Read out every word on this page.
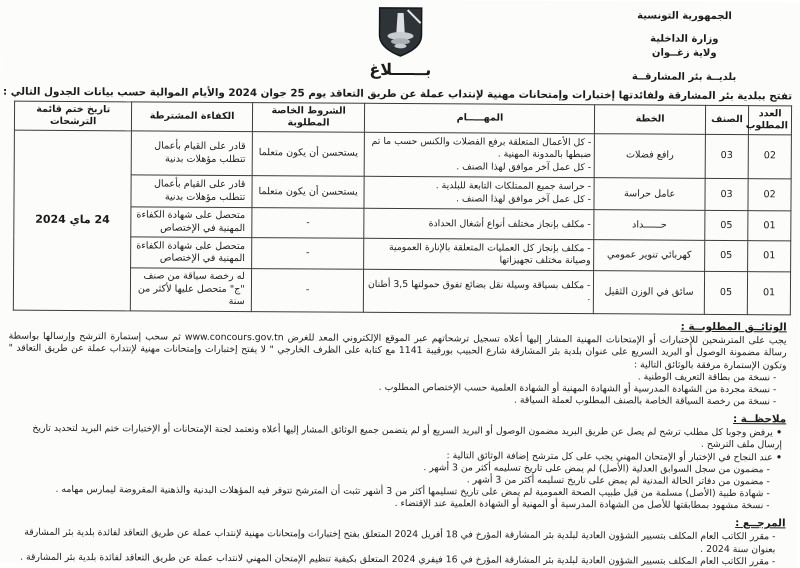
الجمهورية التونسية
وزارة الداخلية
ولاية زغــوان
بلديــة بئر المشارقــة
بــــــلاغ
تفتح ببلدية بئر المشارقة ولفائدتها إختبارات وإمتحانات مهنية لإنتداب عملة عن طريق التعاقد يوم 25 جوان 2024 والأيام الموالية حسب بيانات الجدول التالي :
العدد المطلوب	الصنف	الخطة	المهـــــام	الشروط الخاصة المطلوبة	الكفاءة المشترطة	تاريخ ختم قائمة الترشحات
02	03	رافع فضلات	- كل الأعمال المتعلقة برفع الفضلات والكنس حسب ما تم ضبطها بالمدونة المهنية .
- كل عمل آخر موافق لهذا الصنف .	يستحسن أن يكون متعلما	قادر على القيام بأعمال تتطلب مؤهلات بدنية	24 ماي 2024
02	03	عامل حراسة	- حراسة جميع الممتلكات التابعة للبلدية .
- كل عمل آخر موافق لهذا الصنف .	يستحسن أن يكون متعلما	قادر على القيام بأعمال تتطلب مؤهلات بدنية	
01	05	حــــــداد	- مكلف بإنجاز مختلف أنواع أشغال الحدادة	-	متحصل على شهادة الكفاءة المهنية في الإختصاص	
01	05	كهربائي تنوير عمومي	- مكلف بإنجاز كل العمليات المتعلقة بالإنارة العمومية وصيانة مختلف تجهيزاتها	-	متحصل على شهادة الكفاءة المهنية في الإختصاص	
01	05	سائق في الوزن الثقيل	- مكلف بسياقة وسيلة نقل بضائع تفوق حمولتها 3,5 أطنان .	-	له رخصة سياقة من صنف "ج" متحصل عليها لأكثر من سنة	
الوثائــق المطلوبــة :
يجب على المترشحين للإختبارات أو الإمتحانات المهنية المشار إليها أعلاه تسجيل ترشحاتهم عبر الموقع الإلكتروني المعد للغرض www.concours.gov.tn ثم سحب إستمارة الترشح وإرسالها بواسطة رسالة مضمونة الوصول أو البريد السريع على عنوان بلدية بئر المشارقة شارع الحبيب بورقيبة 1141 مع كتابة على الظرف الخارجي " لا يفتح إختبارات وإمتحانات مهنية لإنتداب عملة عن طريق التعاقد " وتكون الإستمارة مرفقة بالوثائق التالية :
- نسخة من بطاقة التعريف الوطنية .
- نسخة مجردة من الشهادة المدرسية أو الشهادة المهنية أو الشهادة العلمية حسب الإختصاص المطلوب .
- نسخة من رخصة السياقة الخاصة بالصنف المطلوب لعملة السياقة .
ملاحظــة :
• يرفض وجوبا كل مطلب ترشح لم يصل عن طريق البريد مضمون الوصول أو البريد السريع أو لم يتضمن جميع الوثائق المشار إليها أعلاه وتعتمد لجنة الإمتحانات أو الإختبارات ختم البريد لتحديد تاريخ إرسال ملف الترشح .
• عند النجاح في الإختبار أو الإمتحان المهني يجب على كل مترشح إضافة الوثائق التالية :
- مضمون من سجل السوابق العدلية (الأصل) لم يمض على تاريخ تسليمه أكثر من 3 أشهر .
- مضمون من دفاتر الحالة المدنية لم يمض على تاريخ تسليمه أكثر من 3 أشهر .
- شهادة طبية (الأصل) مسلمة من قبل طبيب الصحة العمومية لم يمض على تاريخ تسليمها أكثر من 3 أشهر تثبت أن المترشح تتوفر فيه المؤهلات البدنية والذهنية المفروضة ليمارس مهامه .
- نسخة مشهود بمطابقتها للأصل من الشهادة المدرسية أو المهنية أو الشهادة العلمية عند الإقتضاء .
المرجــع :
- مقرر الكاتب العام المكلف بتسيير الشؤون العادية لبلدية بئر المشارقة المؤرخ في 18 أفريل 2024 المتعلق بفتح إختبارات وإمتحانات مهنية لإنتداب عملة عن طريق التعاقد لفائدة بلدية بئر المشارقة بعنوان سنة 2024 .
- مقرر الكاتب العام المكلف بتسيير الشؤون العادية لبلدية بئر المشارقة المؤرخ في 16 فيفري 2024 المتعلق بكيفية تنظيم الإمتحان المهني لانتداب عملة عن طريق التعاقد لفائدة بلدية بئر المشارقة .
